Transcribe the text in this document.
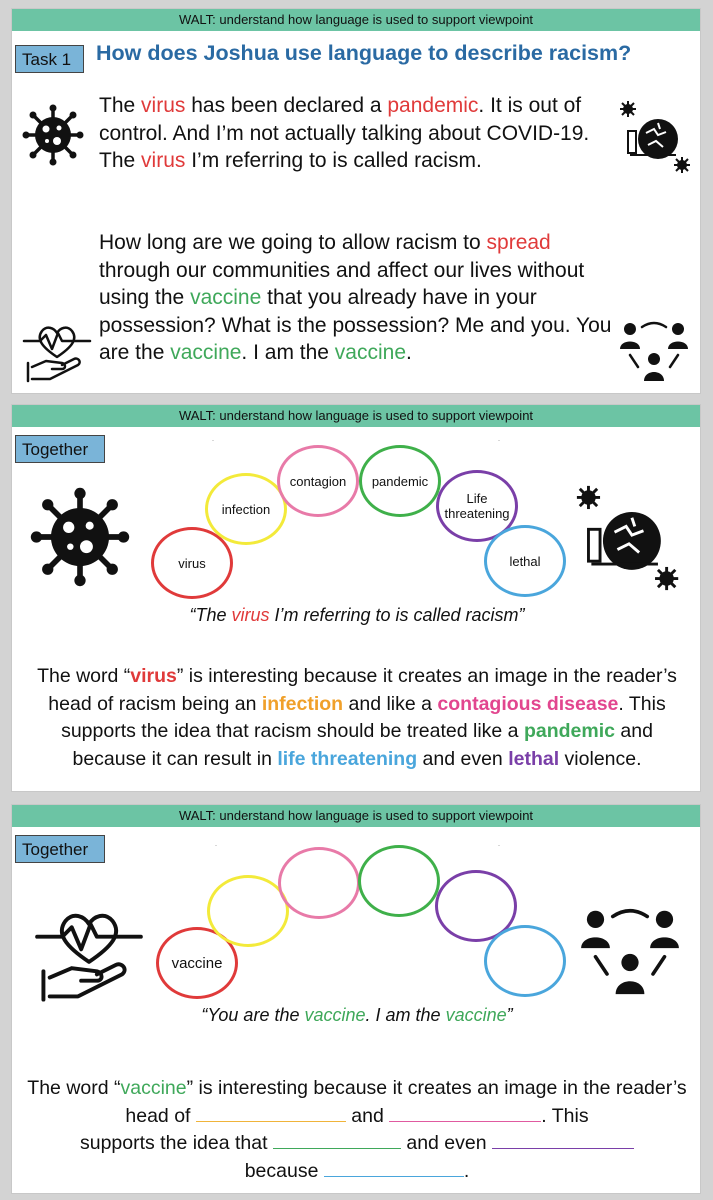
WALT: understand how language is used to support viewpoint
Task 1	How does Joshua use language to describe racism?
The virus has been declared a pandemic. It is out of control. And I’m not actually talking about COVID-19. The virus I’m referring to is called racism.
How long are we going to allow racism to spread through our communities and affect our lives without using the vaccine that you already have in your possession? What is the possession? Me and you. You are the vaccine. I am the vaccine.
WALT: understand how language is used to support viewpoint
Together
virus
infection
contagion	pandemic
Life threatening
lethal
-	-
“The virus I’m referring to is called racism”
The word “virus” is interesting because it creates an image in the reader’s head of racism being an infection and like a contagious disease. This supports the idea that racism should be treated like a pandemic and because it can result in life threatening and even lethal violence.
WALT: understand how language is used to support viewpoint
Together
vaccine
-	-
“You are the vaccine. I am the vaccine”
The word “vaccine” is interesting because it creates an image in the reader’s head of	and	. This
supports the idea that	and even
because	.
